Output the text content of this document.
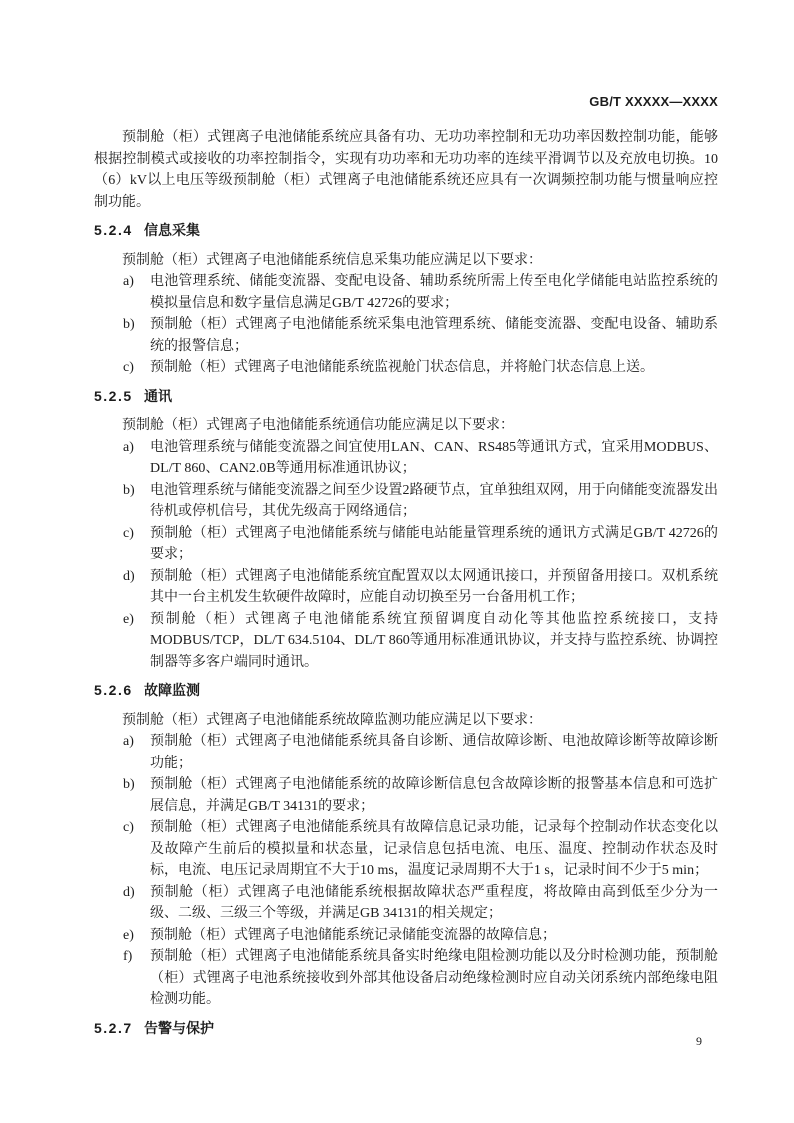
GB/T XXXXX—XXXX

预制舱（柜）式锂离子电池储能系统应具备有功、无功功率控制和无功功率因数控制功能，能够根据控制模式或接收的功率控制指令，实现有功功率和无功功率的连续平滑调节以及充放电切换。10（6）kV以上电压等级预制舱（柜）式锂离子电池储能系统还应具有一次调频控制功能与惯量响应控制功能。

5.2.4 信息采集

预制舱（柜）式锂离子电池储能系统信息采集功能应满足以下要求：

a) 电池管理系统、储能变流器、变配电设备、辅助系统所需上传至电化学储能电站监控系统的模拟量信息和数字量信息满足GB/T 42726的要求；
b) 预制舱（柜）式锂离子电池储能系统采集电池管理系统、储能变流器、变配电设备、辅助系统的报警信息；
c) 预制舱（柜）式锂离子电池储能系统监视舱门状态信息，并将舱门状态信息上送。
5.2.5 通讯

预制舱（柜）式锂离子电池储能系统通信功能应满足以下要求：

a) 电池管理系统与储能变流器之间宜使用LAN、CAN、RS485等通讯方式，宜采用MODBUS、DL/T 860、CAN2.0B等通用标准通讯协议；
b) 电池管理系统与储能变流器之间至少设置2路硬节点，宜单独组双网，用于向储能变流器发出待机或停机信号，其优先级高于网络通信；
c) 预制舱（柜）式锂离子电池储能系统与储能电站能量管理系统的通讯方式满足GB/T 42726的要求；
d) 预制舱（柜）式锂离子电池储能系统宜配置双以太网通讯接口，并预留备用接口。双机系统其中一台主机发生软硬件故障时，应能自动切换至另一台备用机工作；
e) 预制舱（柜）式锂离子电池储能系统宜预留调度自动化等其他监控系统接口，支持MODBUS/TCP，DL/T 634.5104、DL/T 860等通用标准通讯协议，并支持与监控系统、协调控制器等多客户端同时通讯。
5.2.6 故障监测

预制舱（柜）式锂离子电池储能系统故障监测功能应满足以下要求：

a) 预制舱（柜）式锂离子电池储能系统具备自诊断、通信故障诊断、电池故障诊断等故障诊断功能；
b) 预制舱（柜）式锂离子电池储能系统的故障诊断信息包含故障诊断的报警基本信息和可选扩展信息，并满足GB/T 34131的要求；
c) 预制舱（柜）式锂离子电池储能系统具有故障信息记录功能，记录每个控制动作状态变化以及故障产生前后的模拟量和状态量，记录信息包括电流、电压、温度、控制动作状态及时标，电流、电压记录周期宜不大于10 ms，温度记录周期不大于1 s，记录时间不少于5 min；
d) 预制舱（柜）式锂离子电池储能系统根据故障状态严重程度，将故障由高到低至少分为一级、二级、三级三个等级，并满足GB 34131的相关规定；
e) 预制舱（柜）式锂离子电池储能系统记录储能变流器的故障信息；
f) 预制舱（柜）式锂离子电池储能系统具备实时绝缘电阻检测功能以及分时检测功能，预制舱（柜）式锂离子电池系统接收到外部其他设备启动绝缘检测时应自动关闭系统内部绝缘电阻检测功能。
5.2.7 告警与保护
9
